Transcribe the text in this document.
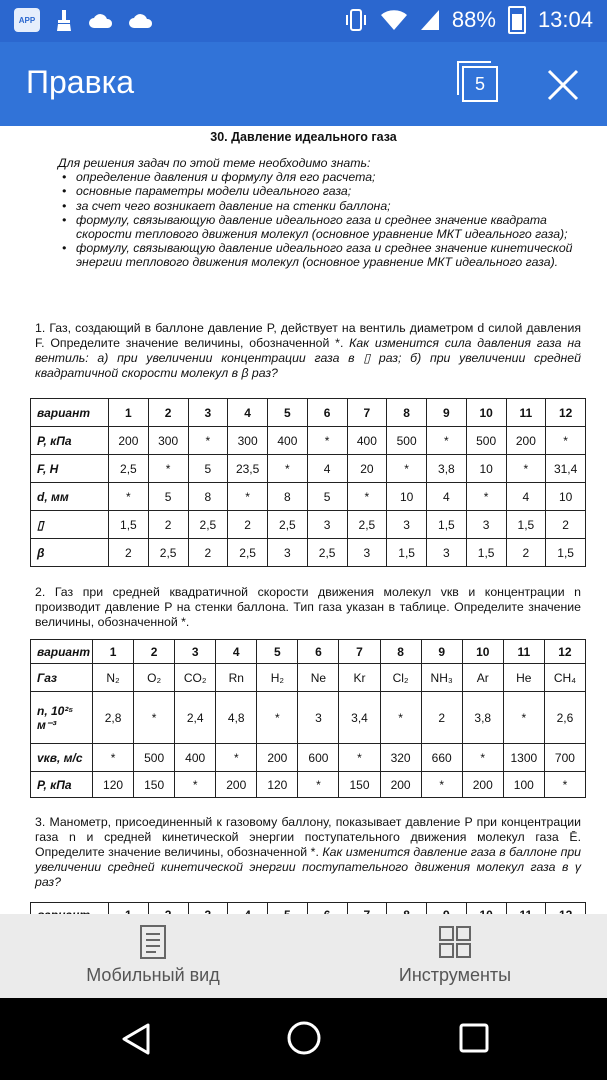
APP	88% 13:04
Правка	5
30. Давление идеального газа
Для решения задач по этой теме необходимо знать:
• определение давления и формулу для его расчета;
• основные параметры модели идеального газа;
• за счет чего возникает давление на стенки баллона;
• формулу, связывающую давление идеального газа и среднее значение квадрата скорости теплового движения молекул (основное уравнение МКТ идеального газа);
• формулу, связывающую давление идеального газа и среднее значение кинетической энергии теплового движения молекул (основное уравнение МКТ идеального газа).
1. Газ, создающий в баллоне давление P, действует на вентиль диаметром d силой давления F. Определите значение величины, обозначенной *. Как изменится сила давления газа на вентиль: а) при увеличении концентрации газа в ▯ раз; б) при увеличении средней квадратичной скорости молекул в β раз?
вариант	1	2	3	4	5	6	7	8	9	10	11	12
P, кПа	200	300	*	300	400	*	400	500	*	500	200	*
F, Н	2,5	*	5	23,5	*	4	20	*	3,8	10	*	31,4
d, мм	*	5	8	*	8	5	*	10	4	*	4	10
▯	1,5	2	2,5	2	2,5	3	2,5	3	1,5	3	1,5	2
β	2	2,5	2	2,5	3	2,5	3	1,5	3	1,5	2	1,5
2. Газ при средней квадратичной скорости движения молекул vкв и концентрации n производит давление P на стенки баллона. Тип газа указан в таблице. Определите значение величины, обозначенной *.
вариант	1	2	3	4	5	6	7	8	9	10	11	12
Газ	N₂	O₂	CO₂	Rn	H₂	Ne	Kr	Cl₂	NH₃	Ar	He	CH₄
n, 10²⁵ м⁻³	2,8	*	2,4	4,8	*	3	3,4	*	2	3,8	*	2,6
vкв, м/с	*	500	400	*	200	600	*	320	660	*	1300	700
P, кПа	120	150	*	200	120	*	150	200	*	200	100	*
3. Манометр, присоединенный к газовому баллону, показывает давление P при концентрации газа n и средней кинетической энергии поступательного движения молекул газа Ē. Определите значение величины, обозначенной *. Как изменится давление газа в баллоне при увеличении средней кинетической энергии поступательного движения молекул газа в γ раз?

Мобильный вид	Инструменты
